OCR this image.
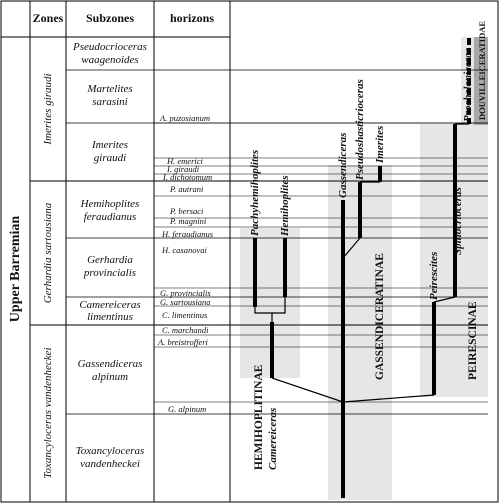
Zones Subzones	horizons
Upper Barremian
Imerites giraudi
Gerhardia sartousiana
Toxancyloceras vandenheckei
Pseudocrioceras
waagenoides
Martelites
sarasini
Imerites
giraudi
Hemihoplites
feraudianus
Gerhardia
provincialis
Camereiceras
limentinus
Gassendiceras
alpinum
Toxancyloceras
vandenheckei
A. puzosianum
H. emerici
I. giraudi
I. dichotomum
P. autrani
P. bersaci
P. magnini
H. feraudianus
H. casanovai
G. provincialis
G. sartousiana
C. limentinus
C. marchandi
A. breistrofferi
G. alpinum
Pachyhemihoplites Hemihoplites
Camereiceras
Gassendiceras Pseudoshasticrioceras Imerites
Peirescites
Spinocrioceras
Procheloniceras
HEMIHOPLITINAE
GASSENDICERATINAE	PEIRESCINAE
DOUVILLEICERATIDAE
